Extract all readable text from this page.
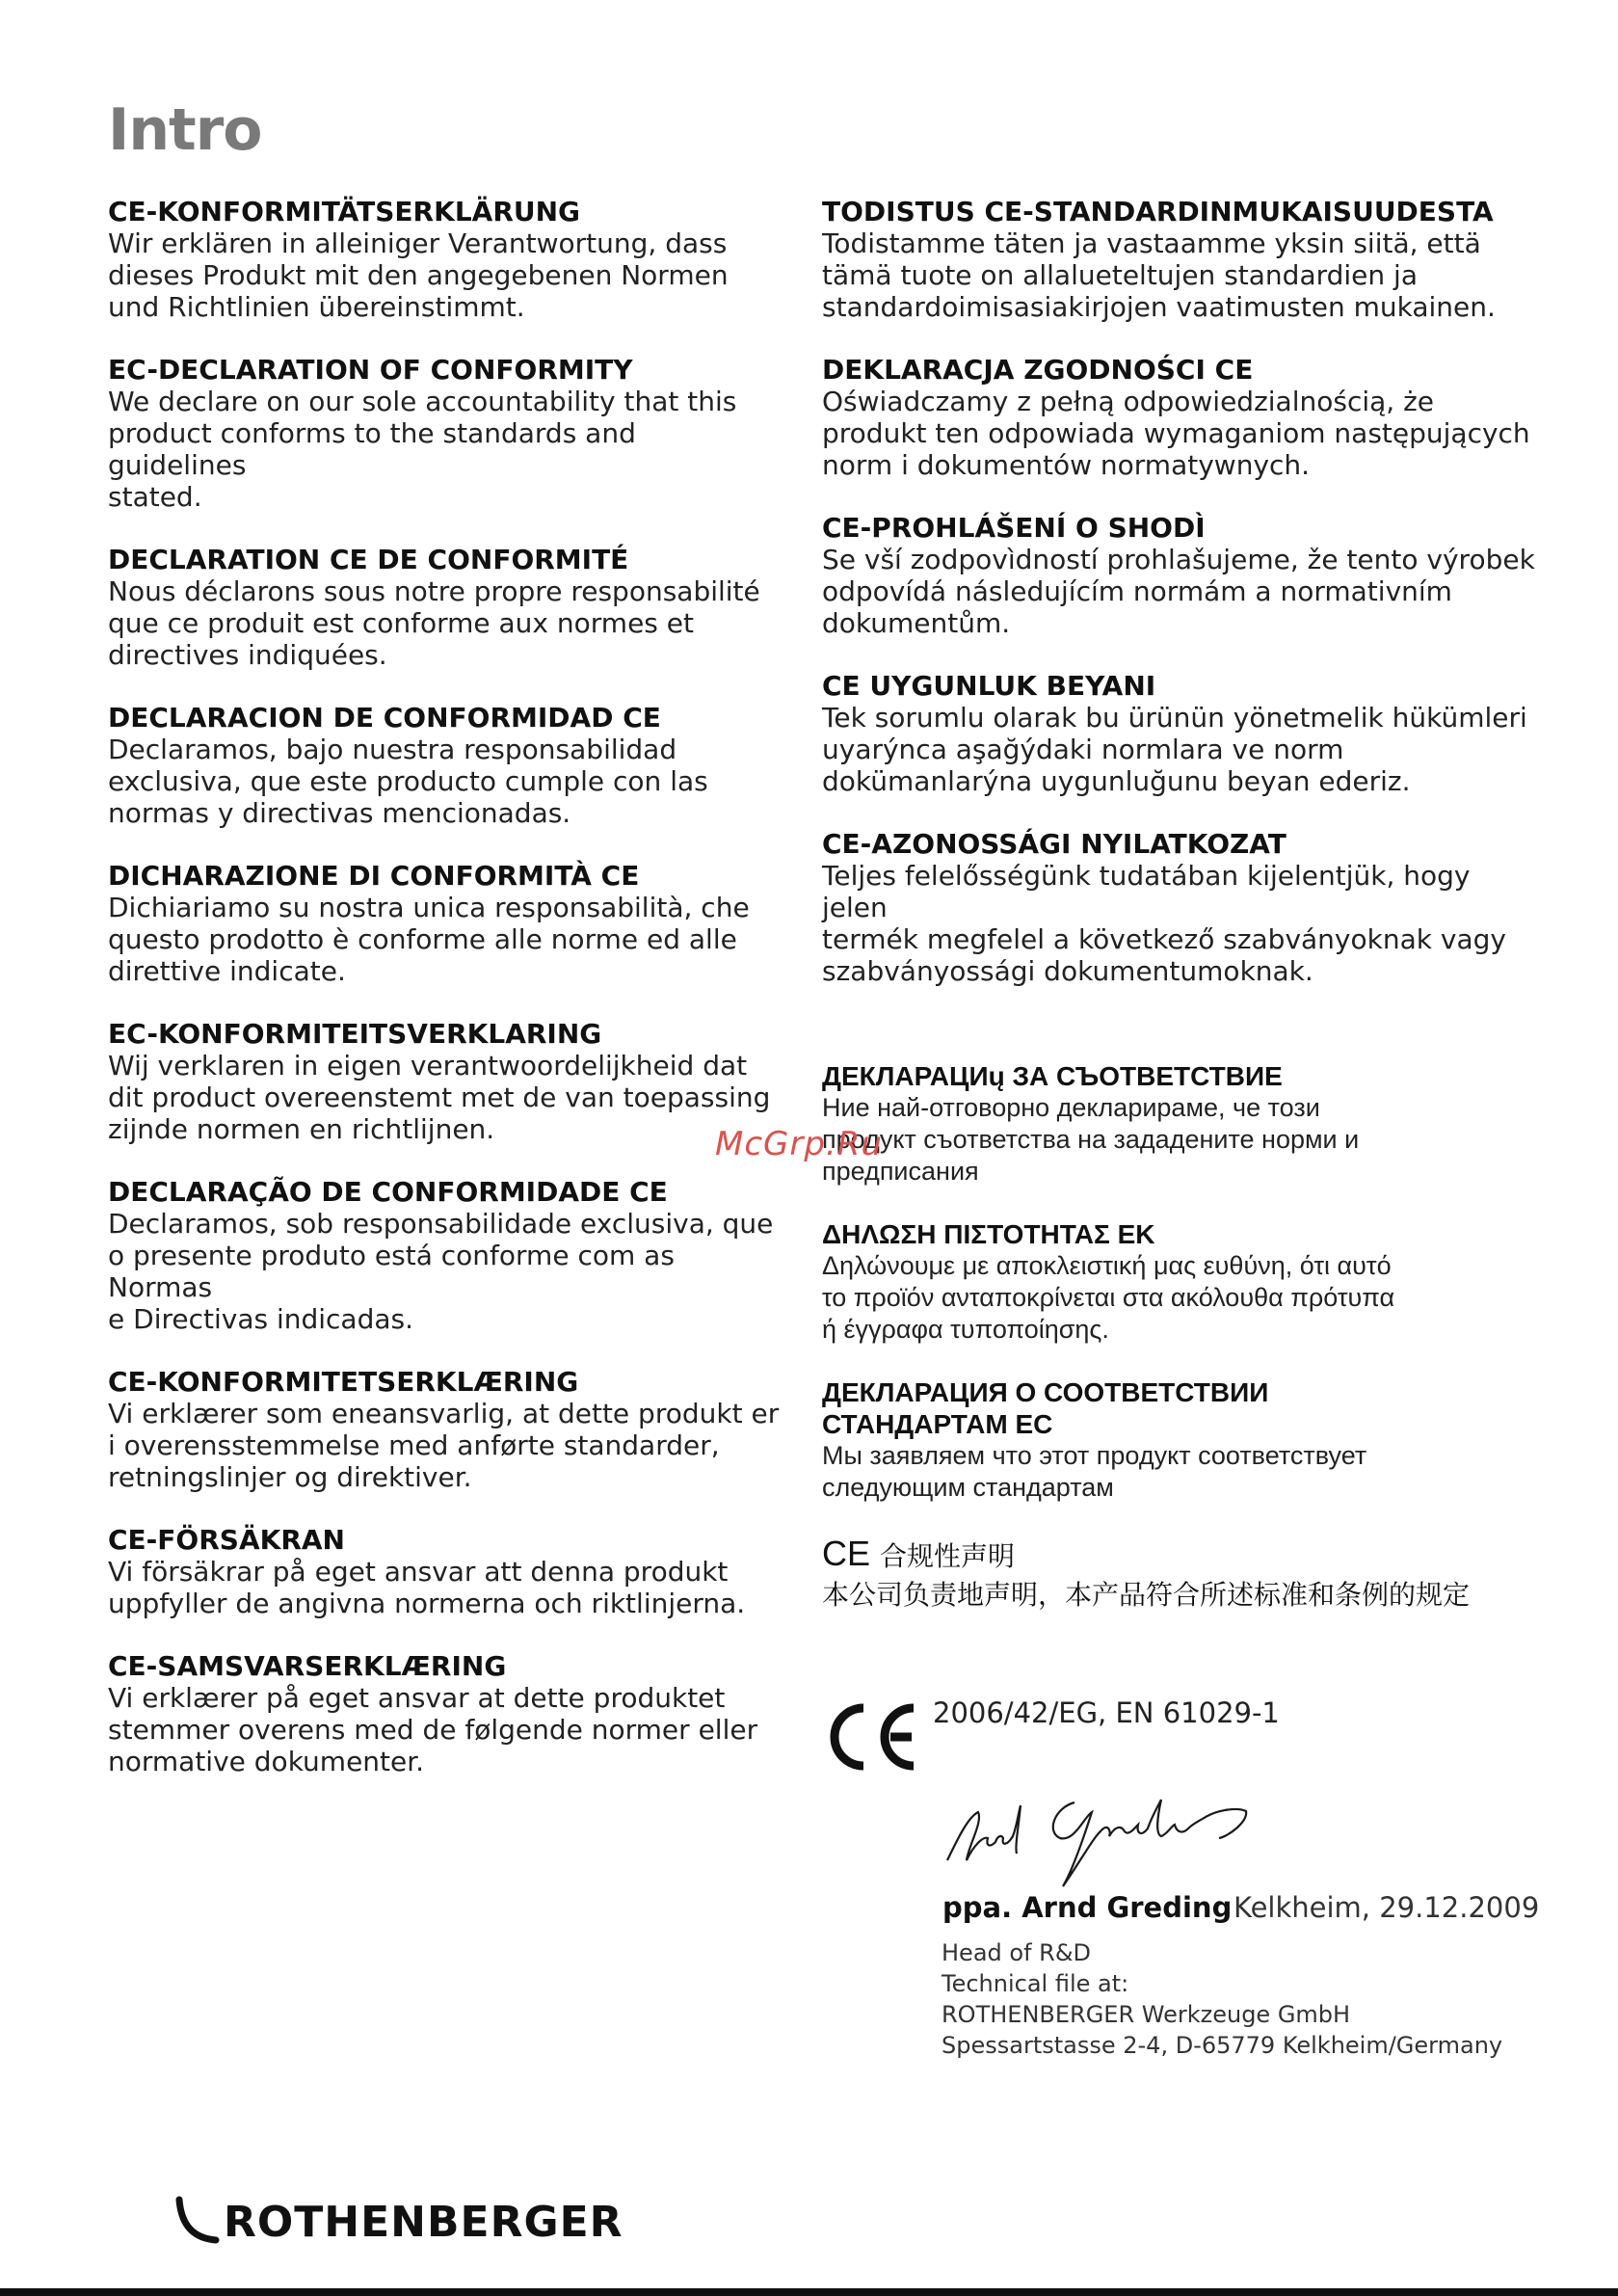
Intro
CE-KONFORMITÄTSERKLÄRUNG
Wir erklären in alleiniger Verantwortung, dass
dieses Produkt mit den angegebenen Normen
und Richtlinien übereinstimmt.
EC-DECLARATION OF CONFORMITY
We declare on our sole accountability that this
product conforms to the standards and guidelines
stated.
DECLARATION CE DE CONFORMITÉ
Nous déclarons sous notre propre responsabilité
que ce produit est conforme aux normes et
directives indiquées.
DECLARACION DE CONFORMIDAD CE
Declaramos, bajo nuestra responsabilidad
exclusiva, que este producto cumple con las
normas y directivas mencionadas.
DICHARAZIONE DI CONFORMITÀ CE
Dichiariamo su nostra unica responsabilità, che
questo prodotto è conforme alle norme ed alle
direttive indicate.
EC-KONFORMITEITSVERKLARING
Wij verklaren in eigen verantwoordelijkheid dat
dit product overeenstemt met de van toepassing
zijnde normen en richtlijnen.
DECLARAÇÃO DE CONFORMIDADE CE
Declaramos, sob responsabilidade exclusiva, que
o presente produto está conforme com as Normas
e Directivas indicadas.
CE-KONFORMITETSERKLÆRING
Vi erklærer som eneansvarlig, at dette produkt er
i overensstemmelse med anførte standarder,
retningslinjer og direktiver.
CE-FÖRSÄKRAN
Vi försäkrar på eget ansvar att denna produkt
uppfyller de angivna normerna och riktlinjerna.
CE-SAMSVARSERKLÆRING
Vi erklærer på eget ansvar at dette produktet
stemmer overens med de følgende normer eller
normative dokumenter.
TODISTUS CE-STANDARDINMUKAISUUDESTA
Todistamme täten ja vastaamme yksin siitä, että
tämä tuote on allalueteltujen standardien ja
standardoimisasiakirjojen vaatimusten mukainen.
DEKLARACJA ZGODNOŚCI CE
Oświadczamy z pełną odpowiedzialnością, że
produkt ten odpowiada wymaganiom następujących
norm i dokumentów normatywnych.
CE-PROHLÁŠENÍ O SHODÌ
Se vší zodpovìdností prohlašujeme, že tento výrobek
odpovídá následujícím normám a normativním
dokumentům.
CE UYGUNLUK BEYANI
Tek sorumlu olarak bu ürünün yönetmelik hükümleri
uyarýnca aşağýdaki normlara ve norm
dokümanlarýna uygunluğunu beyan ederiz.
CE-AZONOSSÁGI NYILATKOZAT
Teljes felelősségünk tudatában kijelentjük, hogy jelen
termék megfelel a következő szabványoknak vagy
szabványossági dokumentumoknak.
ДЕКЛАРАЦИų ЗА СЪОТВЕТСТВИЕ
Ние най-отговорно декларираме, че този
продукт съответства на зададените норми и
предписания
ΔΗΛΩΣΗ ΠΙΣΤΟΤΗΤΑΣ ΕΚ
Δηλώνουμε με αποκλειστική μας ευθύνη, ότι αυτό
το προϊόν ανταποκρίνεται στα ακόλουθα πρότυπα
ή έγγραφα τυποποίησης.
ДЕКЛАРАЦИЯ О СООТВЕТСТВИИ
СТАНДАРТАМ ЕС
Мы заявляем что этот продукт соответствует
следующим стандартам
CE 合规性声明
本公司负责地声明，本产品符合所述标准和条例的规定
McGrp.Ru
2006/42/EG, EN 61029-1
ppa. Arnd Greding Kelkheim, 29.12.2009
Head of R&D
Technical file at:
ROTHENBERGER Werkzeuge GmbH
Spessartstasse 2-4, D-65779 Kelkheim/Germany
ROTHENBERGER
